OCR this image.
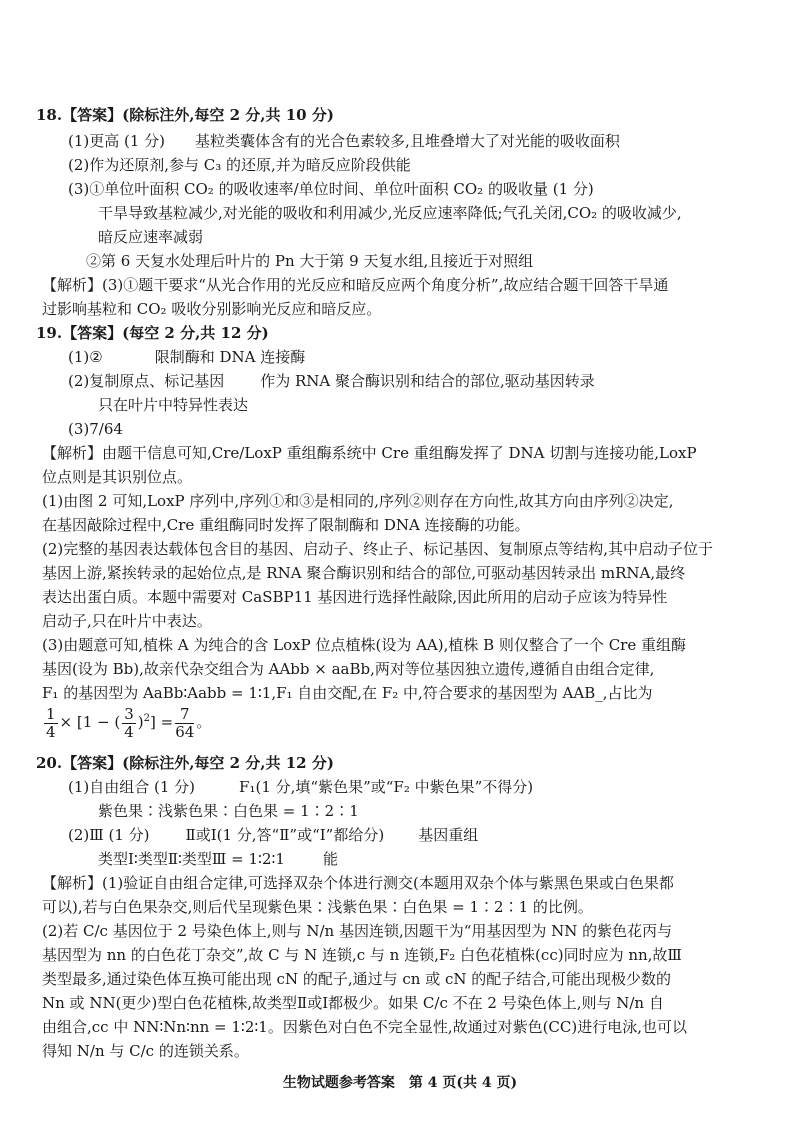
18.【答案】(除标注外,每空 2 分,共 10 分)
(1)更高 (1 分) 基粒类囊体含有的光合色素较多,且堆叠增大了对光能的吸收面积
(2)作为还原剂,参与 C₃ 的还原,并为暗反应阶段供能
(3)①单位叶面积 CO₂ 的吸收速率/单位时间、单位叶面积 CO₂ 的吸收量 (1 分)
干旱导致基粒减少,对光能的吸收和利用减少,光反应速率降低;气孔关闭,CO₂ 的吸收减少,
暗反应速率减弱
②第 6 天复水处理后叶片的 Pn 大于第 9 天复水组,且接近于对照组
【解析】(3)①题干要求“从光合作用的光反应和暗反应两个角度分析”,故应结合题干回答干旱通
过影响基粒和 CO₂ 吸收分别影响光反应和暗反应。
19.【答案】(每空 2 分,共 12 分)
(1)②	限制酶和 DNA 连接酶
(2)复制原点、标记基因 作为 RNA 聚合酶识别和结合的部位,驱动基因转录
只在叶片中特异性表达
(3)7/64
【解析】由题干信息可知,Cre/LoxP 重组酶系统中 Cre 重组酶发挥了 DNA 切割与连接功能,LoxP
位点则是其识别位点。
(1)由图 2 可知,LoxP 序列中,序列①和③是相同的,序列②则存在方向性,故其方向由序列②决定,
在基因敲除过程中,Cre 重组酶同时发挥了限制酶和 DNA 连接酶的功能。
(2)完整的基因表达载体包含目的基因、启动子、终止子、标记基因、复制原点等结构,其中启动子位于
基因上游,紧挨转录的起始位点,是 RNA 聚合酶识别和结合的部位,可驱动基因转录出 mRNA,最终
表达出蛋白质。本题中需要对 CaSBP11 基因进行选择性敲除,因此所用的启动子应该为特异性
启动子,只在叶片中表达。
(3)由题意可知,植株 A 为纯合的含 LoxP 位点植株(设为 AA),植株 B 则仅整合了一个 Cre 重组酶
基因(设为 Bb),故亲代杂交组合为 AAbb × aaBb,两对等位基因独立遗传,遵循自由组合定律,
F₁ 的基因型为 AaBb∶Aabb = 1∶1,F₁ 自由交配,在 F₂ 中,符合要求的基因型为 AAB_,占比为
$\frac{1}{4} \times [1$ − ( $\frac{3}{4} )^2] = \frac{7}{64}$ 。
20.【答案】(除标注外,每空 2 分,共 12 分)
(1)自由组合 (1 分)	F₁(1 分,填“紫色果”或“F₂ 中紫色果”不得分)
紫色果∶浅紫色果∶白色果 = 1∶2∶1
(2)Ⅲ (1 分) Ⅱ或Ⅰ(1 分,答“Ⅱ”或“Ⅰ”都给分) 基因重组
类型Ⅰ∶类型Ⅱ∶类型Ⅲ = 1∶2∶1	能
【解析】(1)验证自由组合定律,可选择双杂个体进行测交(本题用双杂个体与紫黑色果或白色果都
可以),若与白色果杂交,则后代呈现紫色果∶浅紫色果∶白色果 = 1∶2∶1 的比例。
(2)若 C/c 基因位于 2 号染色体上,则与 N/n 基因连锁,因题干为“用基因型为 NN 的紫色花丙与
基因型为 nn 的白色花丁杂交”,故 C 与 N 连锁,c 与 n 连锁,F₂ 白色花植株(cc)同时应为 nn,故Ⅲ
类型最多,通过染色体互换可能出现 cN 的配子,通过与 cn 或 cN 的配子结合,可能出现极少数的
Nn 或 NN(更少)型白色花植株,故类型Ⅱ或Ⅰ都极少。如果 C/c 不在 2 号染色体上,则与 N/n 自
由组合,cc 中 NN∶Nn∶nn = 1∶2∶1。因紫色对白色不完全显性,故通过对紫色(CC)进行电泳,也可以
得知 N/n 与 C/c 的连锁关系。
生物试题参考答案　第 4 页(共 4 页)
